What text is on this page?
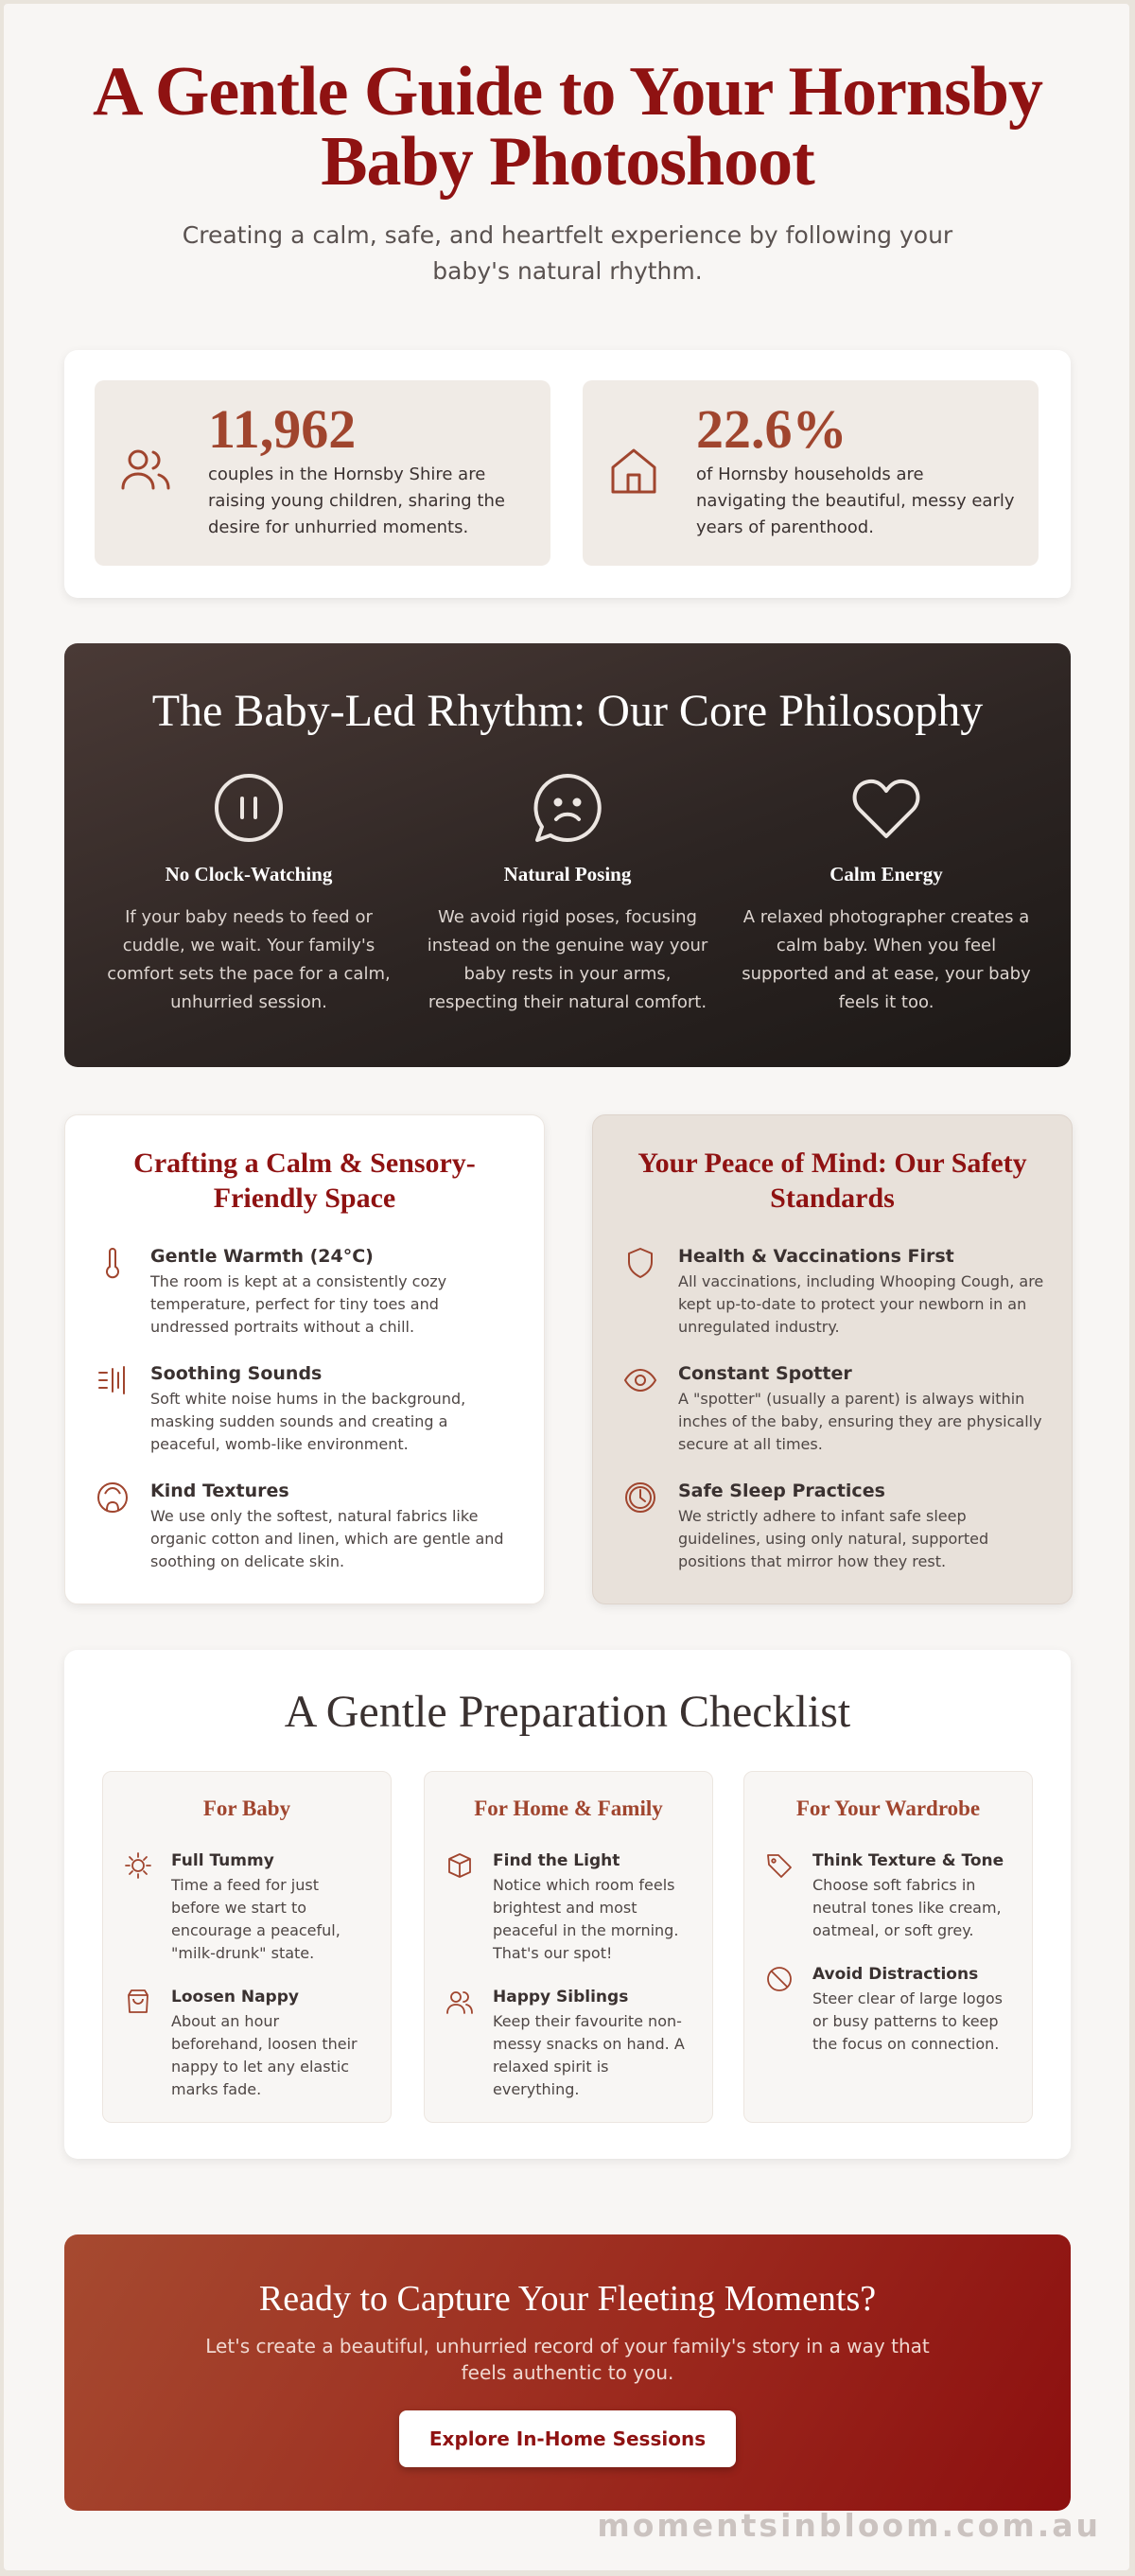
A Gentle Guide to Your Hornsby
Baby Photoshoot

Creating a calm, safe, and heartfelt experience by following your baby's natural rhythm.

11,962
couples in the Hornsby Shire are raising young children, sharing the desire for unhurried moments.
22.6%
of Hornsby households are navigating the beautiful, messy early years of parenthood.
The Baby-Led Rhythm: Our Core Philosophy
No Clock-Watching

If your baby needs to feed or cuddle, we wait. Your family's comfort sets the pace for a calm, unhurried session.

Natural Posing

We avoid rigid poses, focusing instead on the genuine way your baby rests in your arms, respecting their natural comfort.

Calm Energy

A relaxed photographer creates a calm baby. When you feel supported and at ease, your baby feels it too.

Crafting a Calm & Sensory-
Friendly Space
Gentle Warmth (24°C)

The room is kept at a consistently cozy temperature, perfect for tiny toes and undressed portraits without a chill.

Soothing Sounds

Soft white noise hums in the background, masking sudden sounds and creating a peaceful, womb-like environment.

Kind Textures

We use only the softest, natural fabrics like organic cotton and linen, which are gentle and soothing on delicate skin.

Your Peace of Mind: Our Safety
Standards
Health & Vaccinations First

All vaccinations, including Whooping Cough, are kept up-to-date to protect your newborn in an unregulated industry.

Constant Spotter

A "spotter" (usually a parent) is always within inches of the baby, ensuring they are physically secure at all times.

Safe Sleep Practices

We strictly adhere to infant safe sleep guidelines, using only natural, supported positions that mirror how they rest.

A Gentle Preparation Checklist
For Baby
Full Tummy

Time a feed for just before we start to encourage a peaceful, "milk-drunk" state.

Loosen Nappy

About an hour beforehand, loosen their nappy to let any elastic marks fade.

For Home & Family
Find the Light

Notice which room feels brightest and most peaceful in the morning. That's our spot!

Happy Siblings

Keep their favourite non-messy snacks on hand. A relaxed spirit is everything.

For Your Wardrobe
Think Texture & Tone

Choose soft fabrics in neutral tones like cream, oatmeal, or soft grey.

Avoid Distractions

Steer clear of large logos or busy patterns to keep the focus on connection.

Ready to Capture Your Fleeting Moments?

Let's create a beautiful, unhurried record of your family's story in a way that feels authentic to you.

Explore In-Home Sessions
momentsinbloom.com.au
